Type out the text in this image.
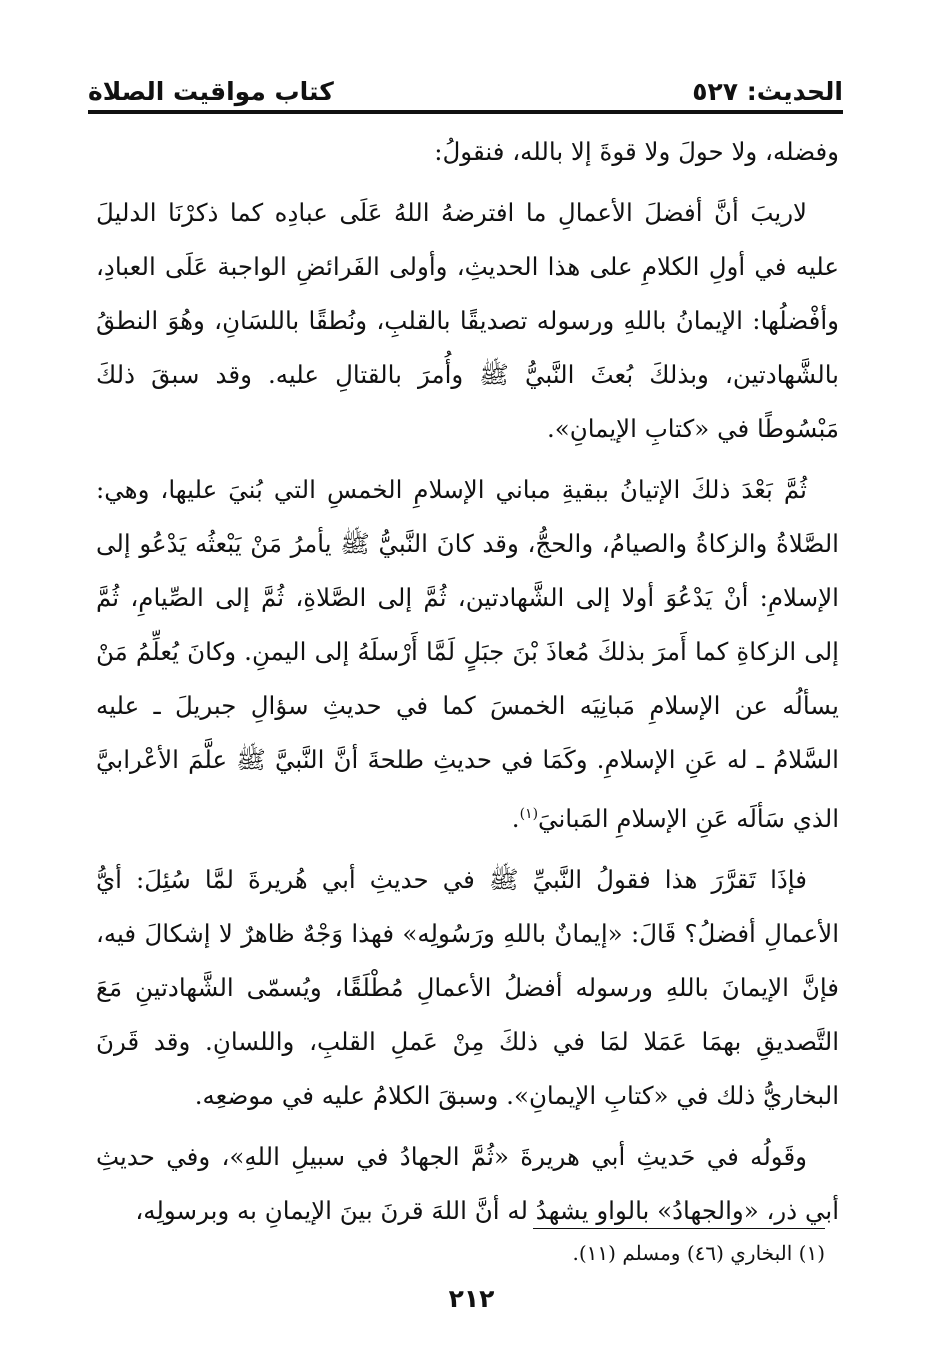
الحديث: ٥٢٧
كتاب مواقيت الصلاة

وفضله، ولا حولَ ولا قوةَ إلا بالله، فنقولُ:

لاريبَ أنَّ أفضلَ الأعمالِ ما افترضهُ اللهُ عَلَى عبادِه كما ذكرْنَا الدليلَ عليه في أولِ الكلامِ على هذا الحديثِ، وأولى الفَرائضِ الواجبة عَلَى العبادِ، وأفْضلُها: الإيمانُ باللهِ ورسوله تصديقًا بالقلبِ، ونُطقًا باللسَانِ، وهُوَ النطقُ بالشَّهادتين، وبذلكَ بُعثَ النَّبيُّ ﷺ وأُمرَ بالقتالِ عليه. وقد سبقَ ذلكَ مَبْسُوطًا في «كتابِ الإيمانِ».

ثُمَّ بَعْدَ ذلكَ الإتيانُ ببقيةِ مباني الإسلامِ الخمسِ التي بُنيَ عليها، وهي: الصَّلاةُ والزكاةُ والصيامُ، والحجُّ، وقد كانَ النَّبيُّ ﷺ يأمرُ مَنْ يَبْعثُه يَدْعُو إلى الإسلامِ: أنْ يَدْعُوَ أولا إلى الشَّهادتين، ثُمَّ إلى الصَّلاةِ، ثُمَّ إلى الصِّيامِ، ثُمَّ إلى الزكاةِ كما أَمرَ بذلكَ مُعاذَ بْنَ جبَلٍ لَمَّا أَرْسلَهُ إلى اليمنِ. وكانَ يُعلِّمُ مَنْ يسألُه عن الإسلامِ مَبانِيَه الخمسَ كما في حديثِ سؤالِ جبريلَ ـ عليه السَّلامُ ـ له عَنِ الإسلامِ. وكَمَا في حديثِ طلحةَ أنَّ النَّبيَّ ﷺ علَّمَ الأعْرابيَّ الذي سَألَه عَنِ الإسلامِ المَبانيَ$^{(١)}$.

فإذَا تَقرَّرَ هذا فقولُ النَّبيِّ ﷺ في حديثِ أبي هُريرةَ لمَّا سُئِلَ: أيُّ الأعمالِ أفضلُ؟ قَالَ: «إيمانٌ باللهِ ورَسُولِه» فهذا وَجْهٌ ظاهرٌ لا إشكالَ فيه، فإنَّ الإيمانَ باللهِ ورسوله أفضلُ الأعمالِ مُطْلَقًا، ويُسمّى الشَّهادتينِ مَعَ التَّصديقِ بهمَا عَمَلا لمَا في ذلكَ مِنْ عَملِ القلبِ، واللسانِ. وقد قَرنَ البخاريُّ ذلك في «كتابِ الإيمانِ». وسبقَ الكلامُ عليه في موضعِه.

وقَولُه في حَديثِ أبي هريرةَ «ثُمَّ الجهادُ في سبيلِ اللهِ»، وفي حديثِ أبي ذر، «والجهادُ» بالواو يشهدُ له أنَّ اللهَ قرنَ بينَ الإيمانِ به وبرسولِه،

(١) البخاري (٤٦) ومسلم (١١).
٢١٢
